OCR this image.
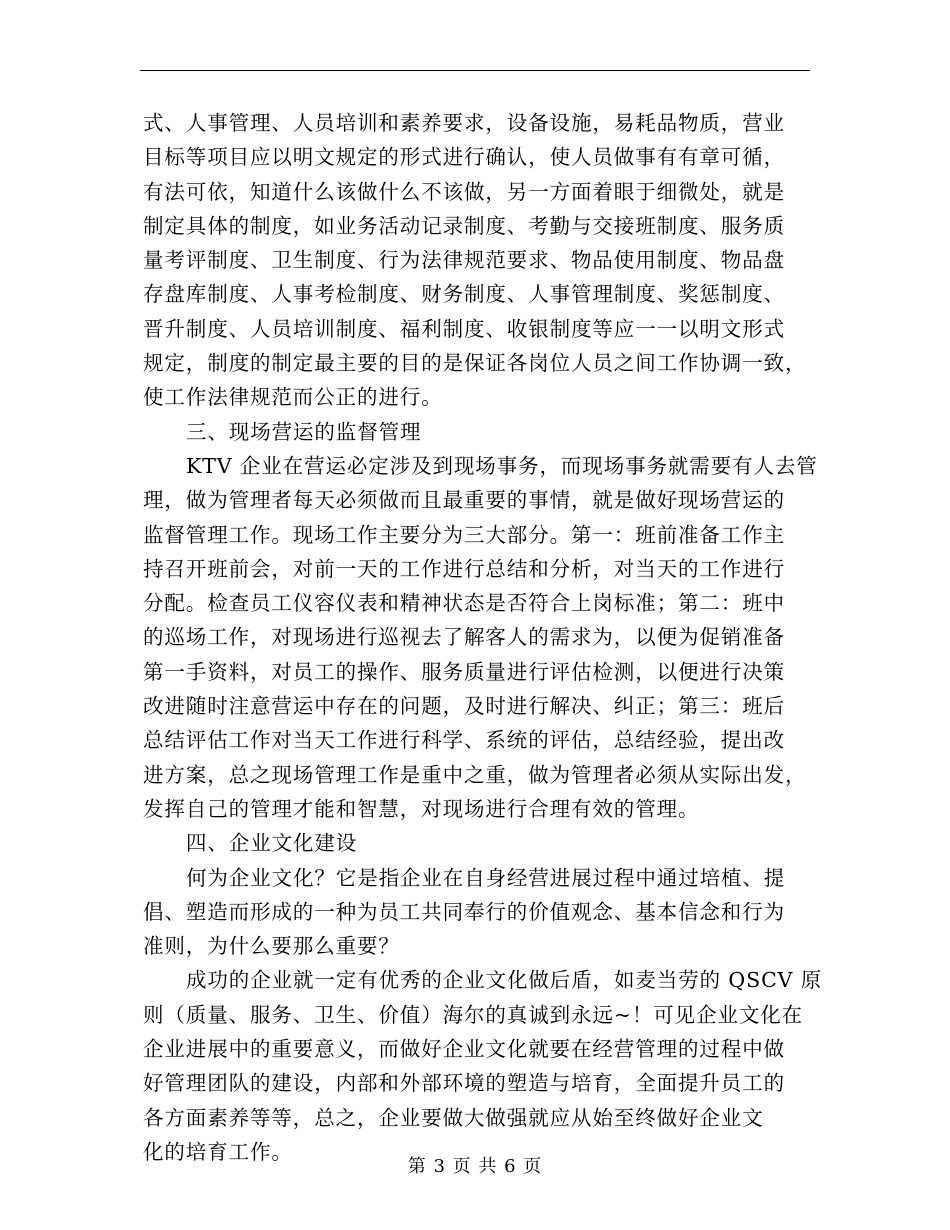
式、人事管理、人员培训和素养要求，设备设施，易耗品物质，营业
目标等项目应以明文规定的形式进行确认，使人员做事有有章可循，
有法可依，知道什么该做什么不该做，另一方面着眼于细微处，就是
制定具体的制度，如业务活动记录制度、考勤与交接班制度、服务质
量考评制度、卫生制度、行为法律规范要求、物品使用制度、物品盘
存盘库制度、人事考检制度、财务制度、人事管理制度、奖惩制度、
晋升制度、人员培训制度、福利制度、收银制度等应一一以明文形式
规定，制度的制定最主要的目的是保证各岗位人员之间工作协调一致，
使工作法律规范而公正的进行。
三、现场营运的监督管理
KTV 企业在营运必定涉及到现场事务，而现场事务就需要有人去管
理，做为管理者每天必须做而且最重要的事情，就是做好现场营运的
监督管理工作。现场工作主要分为三大部分。第一：班前准备工作主
持召开班前会，对前一天的工作进行总结和分析，对当天的工作进行
分配。检查员工仪容仪表和精神状态是否符合上岗标准；第二：班中
的巡场工作，对现场进行巡视去了解客人的需求为，以便为促销准备
第一手资料，对员工的操作、服务质量进行评估检测，以便进行决策
改进随时注意营运中存在的问题，及时进行解决、纠正；第三：班后
总结评估工作对当天工作进行科学、系统的评估，总结经验，提出改
进方案，总之现场管理工作是重中之重，做为管理者必须从实际出发，
发挥自己的管理才能和智慧，对现场进行合理有效的管理。
四、企业文化建设
何为企业文化？它是指企业在自身经营进展过程中通过培植、提
倡、塑造而形成的一种为员工共同奉行的价值观念、基本信念和行为
准则，为什么要那么重要？
成功的企业就一定有优秀的企业文化做后盾，如麦当劳的 QSCV 原
则（质量、服务、卫生、价值）海尔的真诚到永远~！可见企业文化在
企业进展中的重要意义，而做好企业文化就要在经营管理的过程中做
好管理团队的建设，内部和外部环境的塑造与培育，全面提升员工的
各方面素养等等，总之，企业要做大做强就应从始至终做好企业文
化的培育工作。
第 3 页 共 6 页
